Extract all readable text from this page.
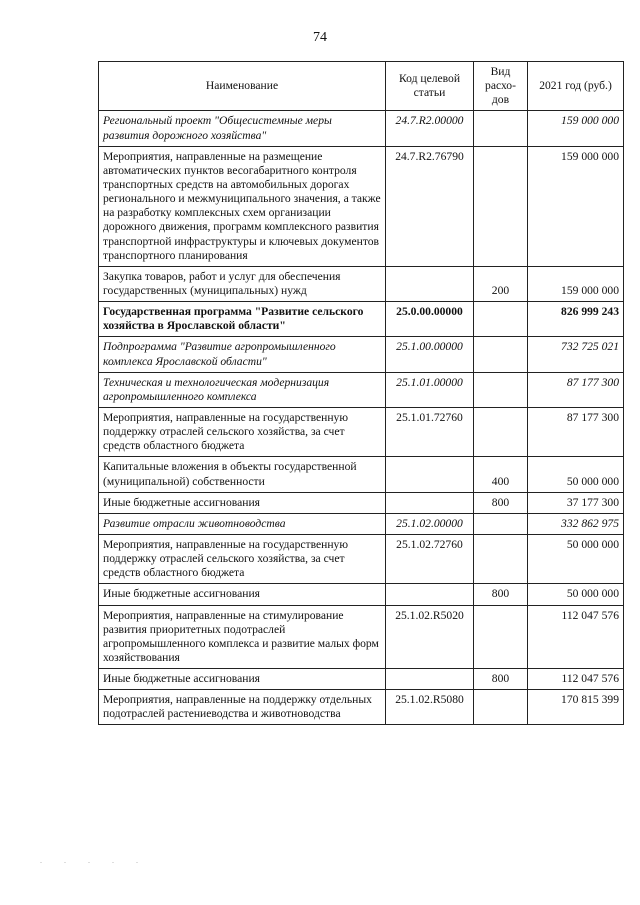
74
Наименование	Код целевой статьи	Вид расхо-дов	2021 год (руб.)
Региональный проект "Общесистемные меры развития дорожного хозяйства"	24.7.R2.00000		159 000 000
Мероприятия, направленные на размещение автоматических пунктов весогабаритного контроля транспортных средств на автомобильных дорогах регионального и межмуниципального значения, а также на разработку комплексных схем организации дорожного движения, программ комплексного развития транспортной инфраструктуры и ключевых документов транспортного планирования	24.7.R2.76790		159 000 000
Закупка товаров, работ и услуг для обеспечения государственных (муниципальных) нужд		200	159 000 000
Государственная программа "Развитие сельского хозяйства в Ярославской области"	25.0.00.00000		826 999 243
Подпрограмма "Развитие агропромышленного комплекса Ярославской области"	25.1.00.00000		732 725 021
Техническая и технологическая модернизация агропромышленного комплекса	25.1.01.00000		87 177 300
Мероприятия, направленные на государственную поддержку отраслей сельского хозяйства, за счет средств областного бюджета	25.1.01.72760		87 177 300
Капитальные вложения в объекты государственной (муниципальной) собственности		400	50 000 000
Иные бюджетные ассигнования		800	37 177 300
Развитие отрасли животноводства	25.1.02.00000		332 862 975
Мероприятия, направленные на государственную поддержку отраслей сельского хозяйства, за счет средств областного бюджета	25.1.02.72760		50 000 000
Иные бюджетные ассигнования		800	50 000 000
Мероприятия, направленные на стимулирование развития приоритетных подотраслей агропромышленного комплекса и развитие малых форм хозяйствования	25.1.02.R5020		112 047 576
Иные бюджетные ассигнования		800	112 047 576
Мероприятия, направленные на поддержку отдельных подотраслей растениеводства и животноводства	25.1.02.R5080		170 815 399
. . . . .
